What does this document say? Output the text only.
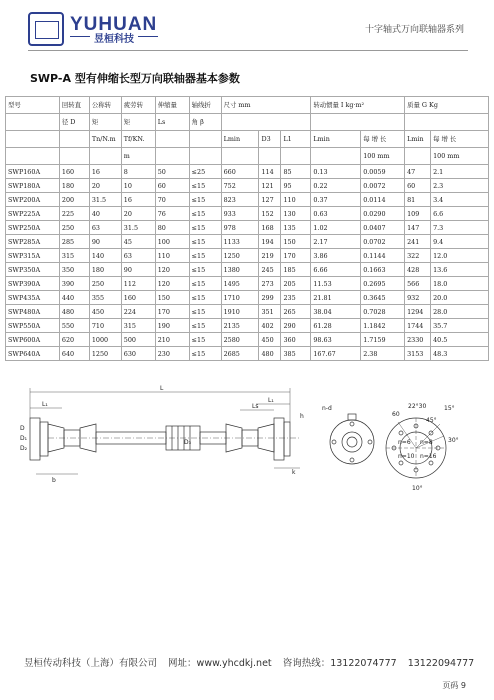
YUHUAN
昱桓科技
十字轴式万向联轴器系列
SWP-A 型有伸缩长型万向联轴器基本参数
型号	回转直	公称转	疲劳转	伸缩量	轴线折	尺寸 mm			转动惯量 I kg·m²		质量 G Kg	
	径 D	矩	矩	Ls	角 β							
		Tn/N.m	Tf/KN.			Lmin	D3	L1	Lmin	每 增 长	Lmin	每 增 长
			m							100 mm		100 mm
SWP160A	160	16	8	50	≤25	660	114	85	0.13	0.0059	47	2.1
SWP180A	180	20	10	60	≤15	752	121	95	0.22	0.0072	60	2.3
SWP200A	200	31.5	16	70	≤15	823	127	110	0.37	0.0114	81	3.4
SWP225A	225	40	20	76	≤15	933	152	130	0.63	0.0290	109	6.6
SWP250A	250	63	31.5	80	≤15	978	168	135	1.02	0.0407	147	7.3
SWP285A	285	90	45	100	≤15	1133	194	150	2.17	0.0702	241	9.4
SWP315A	315	140	63	110	≤15	1250	219	170	3.86	0.1144	322	12.0
SWP350A	350	180	90	120	≤15	1380	245	185	6.66	0.1663	428	13.6
SWP390A	390	250	112	120	≤15	1495	273	205	11.53	0.2695	566	18.0
SWP435A	440	355	160	150	≤15	1710	299	235	21.81	0.3645	932	20.0
SWP480A	480	450	224	170	≤15	1910	351	265	38.04	0.7028	1294	28.0
SWP550A	550	710	315	190	≤15	2135	402	290	61.28	1.1842	1744	35.7
SWP600A	620	1000	500	210	≤15	2580	450	360	98.63	1.7159	2330	40.5
SWP640A	640	1250	630	230	≤15	2685	480	385	167.67	2.38	3153	48.3
L
L₁	Ls
L₁
D
D₁
D₂
D₃
b
h
k
n-d	22°30	15°
45°
60
30°
10°
n=6 n=8
n=10 n=16
昱桓传动科技（上海）有限公司 网址：www.yhcdkj.net 咨询热线：13122074777 13122094777
页码 9
